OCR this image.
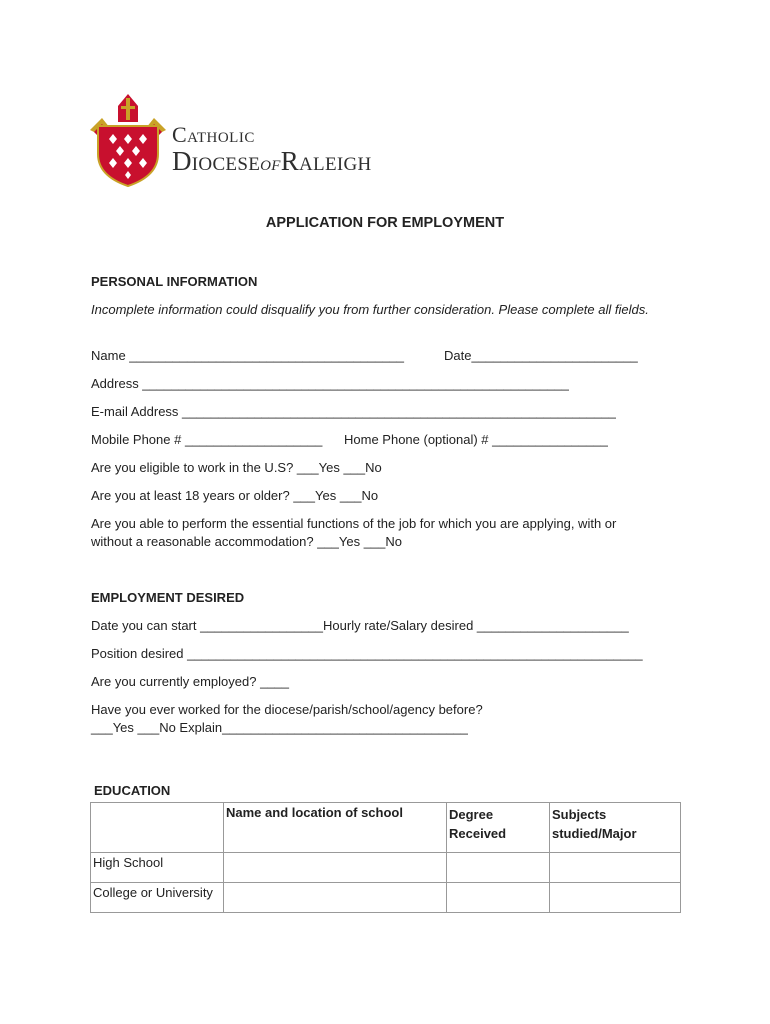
Catholic
DioceseofRaleigh
APPLICATION FOR EMPLOYMENT
PERSONAL INFORMATION
Incomplete information could disqualify you from further consideration. Please complete all fields.
Name ______________________________________	Date_______________________
Address ___________________________________________________________
E-mail Address ____________________________________________________________
Mobile Phone # ___________________ Home Phone (optional) # ________________
Are you eligible to work in the U.S? ___Yes ___No
Are you at least 18 years or older? ___Yes ___No
Are you able to perform the essential functions of the job for which you are applying, with or
without a reasonable accommodation? ___Yes ___No
EMPLOYMENT DESIRED
Date you can start _________________Hourly rate/Salary desired _____________________
Position desired _______________________________________________________________
Are you currently employed? ____
Have you ever worked for the diocese/parish/school/agency before?
___Yes ___No Explain__________________________________
EDUCATION
	Name and location of school	Degree Received	Subjects studied/Major
High School			
College or University			
